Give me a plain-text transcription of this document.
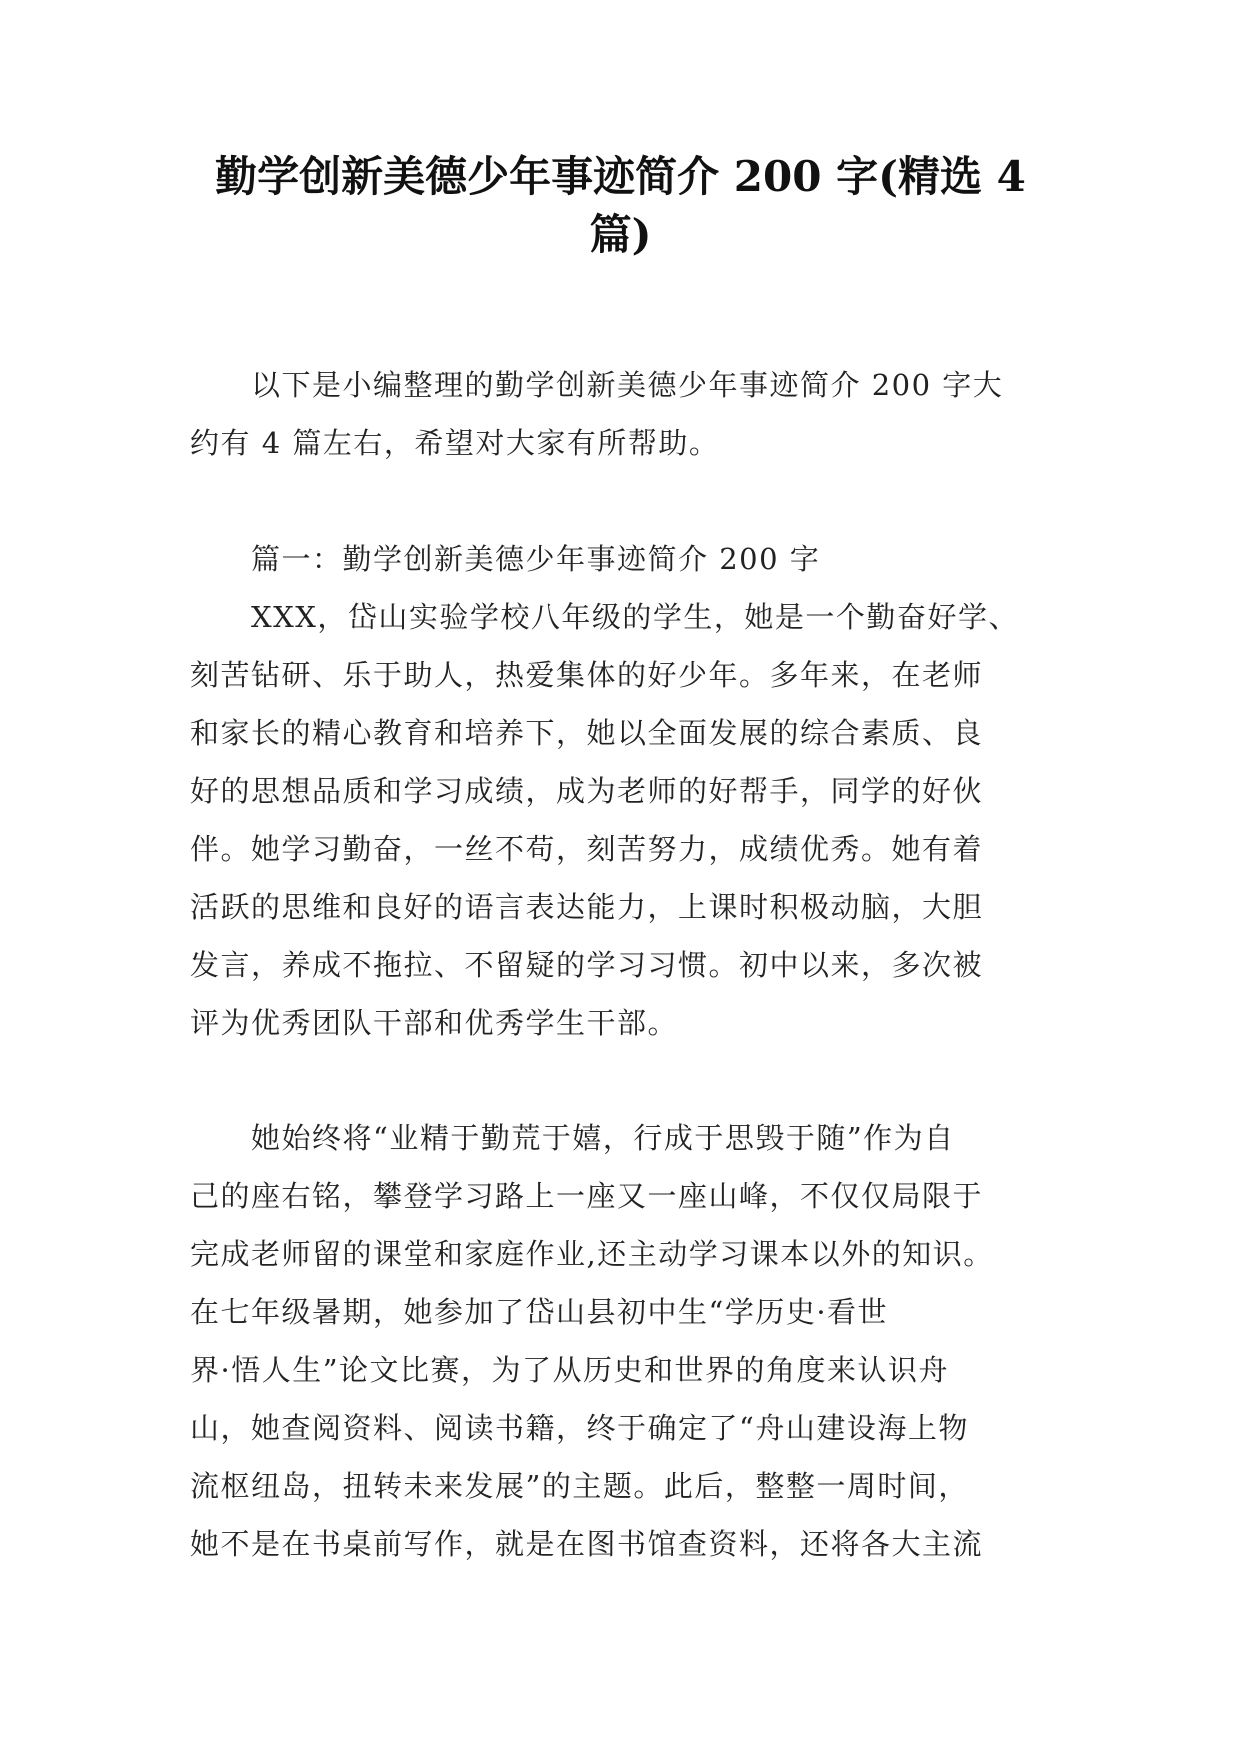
勤学创新美德少年事迹简介 200 字(精选 4
篇)

　　以下是小编整理的勤学创新美德少年事迹简介 200 字大
约有 4 篇左右，希望对大家有所帮助。

　　篇一：勤学创新美德少年事迹简介 200 字

　　XXX，岱山实验学校八年级的学生，她是一个勤奋好学、
刻苦钻研、乐于助人，热爱集体的好少年。多年来，在老师
和家长的精心教育和培养下，她以全面发展的综合素质、良
好的思想品质和学习成绩，成为老师的好帮手，同学的好伙
伴。她学习勤奋，一丝不苟，刻苦努力，成绩优秀。她有着
活跃的思维和良好的语言表达能力，上课时积极动脑，大胆
发言，养成不拖拉、不留疑的学习习惯。初中以来，多次被
评为优秀团队干部和优秀学生干部。

　　她始终将“业精于勤荒于嬉，行成于思毁于随”作为自
己的座右铭，攀登学习路上一座又一座山峰，不仅仅局限于
完成老师留的课堂和家庭作业,还主动学习课本以外的知识。
在七年级暑期，她参加了岱山县初中生“学历史·看世
界·悟人生”论文比赛，为了从历史和世界的角度来认识舟
山，她查阅资料、阅读书籍，终于确定了“舟山建设海上物
流枢纽岛，扭转未来发展”的主题。此后，整整一周时间，
她不是在书桌前写作，就是在图书馆查资料，还将各大主流
